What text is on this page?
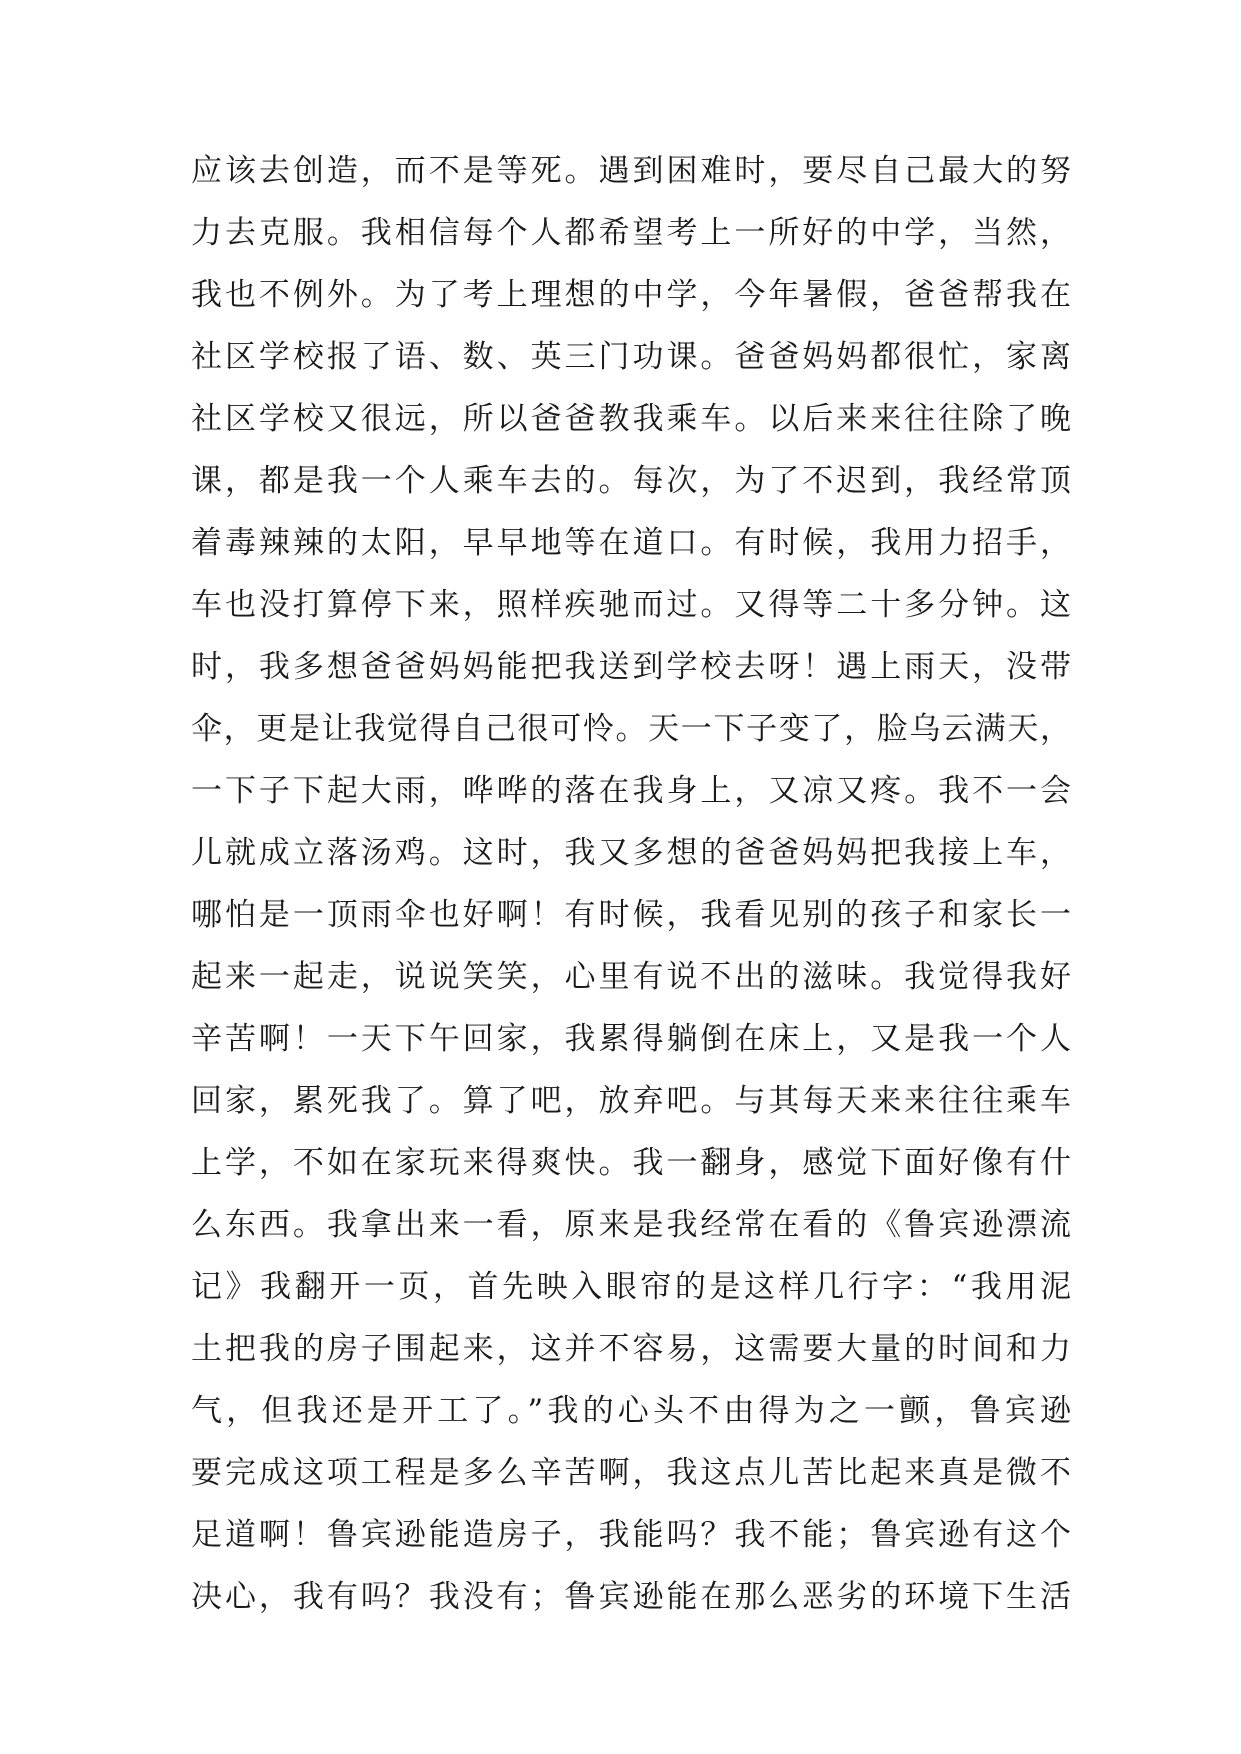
应该去创造，而不是等死。遇到困难时，要尽自己最大的努
力去克服。我相信每个人都希望考上一所好的中学，当然，
我也不例外。为了考上理想的中学，今年暑假，爸爸帮我在
社区学校报了语、数、英三门功课。爸爸妈妈都很忙，家离
社区学校又很远，所以爸爸教我乘车。以后来来往往除了晚
课，都是我一个人乘车去的。每次，为了不迟到，我经常顶
着毒辣辣的太阳，早早地等在道口。有时候，我用力招手，
车也没打算停下来，照样疾驰而过。又得等二十多分钟。这
时，我多想爸爸妈妈能把我送到学校去呀！遇上雨天，没带
伞，更是让我觉得自己很可怜。天一下子变了，脸乌云满天，
一下子下起大雨，哗哗的落在我身上，又凉又疼。我不一会
儿就成立落汤鸡。这时，我又多想的爸爸妈妈把我接上车，
哪怕是一顶雨伞也好啊！有时候，我看见别的孩子和家长一
起来一起走，说说笑笑，心里有说不出的滋味。我觉得我好
辛苦啊！一天下午回家，我累得躺倒在床上，又是我一个人
回家，累死我了。算了吧，放弃吧。与其每天来来往往乘车
上学，不如在家玩来得爽快。我一翻身，感觉下面好像有什
么东西。我拿出来一看，原来是我经常在看的《鲁宾逊漂流
记》我翻开一页，首先映入眼帘的是这样几行字：“我用泥
土把我的房子围起来，这并不容易，这需要大量的时间和力
气，但我还是开工了。”我的心头不由得为之一颤，鲁宾逊
要完成这项工程是多么辛苦啊，我这点儿苦比起来真是微不
足道啊！鲁宾逊能造房子，我能吗？我不能；鲁宾逊有这个
决心，我有吗？我没有；鲁宾逊能在那么恶劣的环境下生活
